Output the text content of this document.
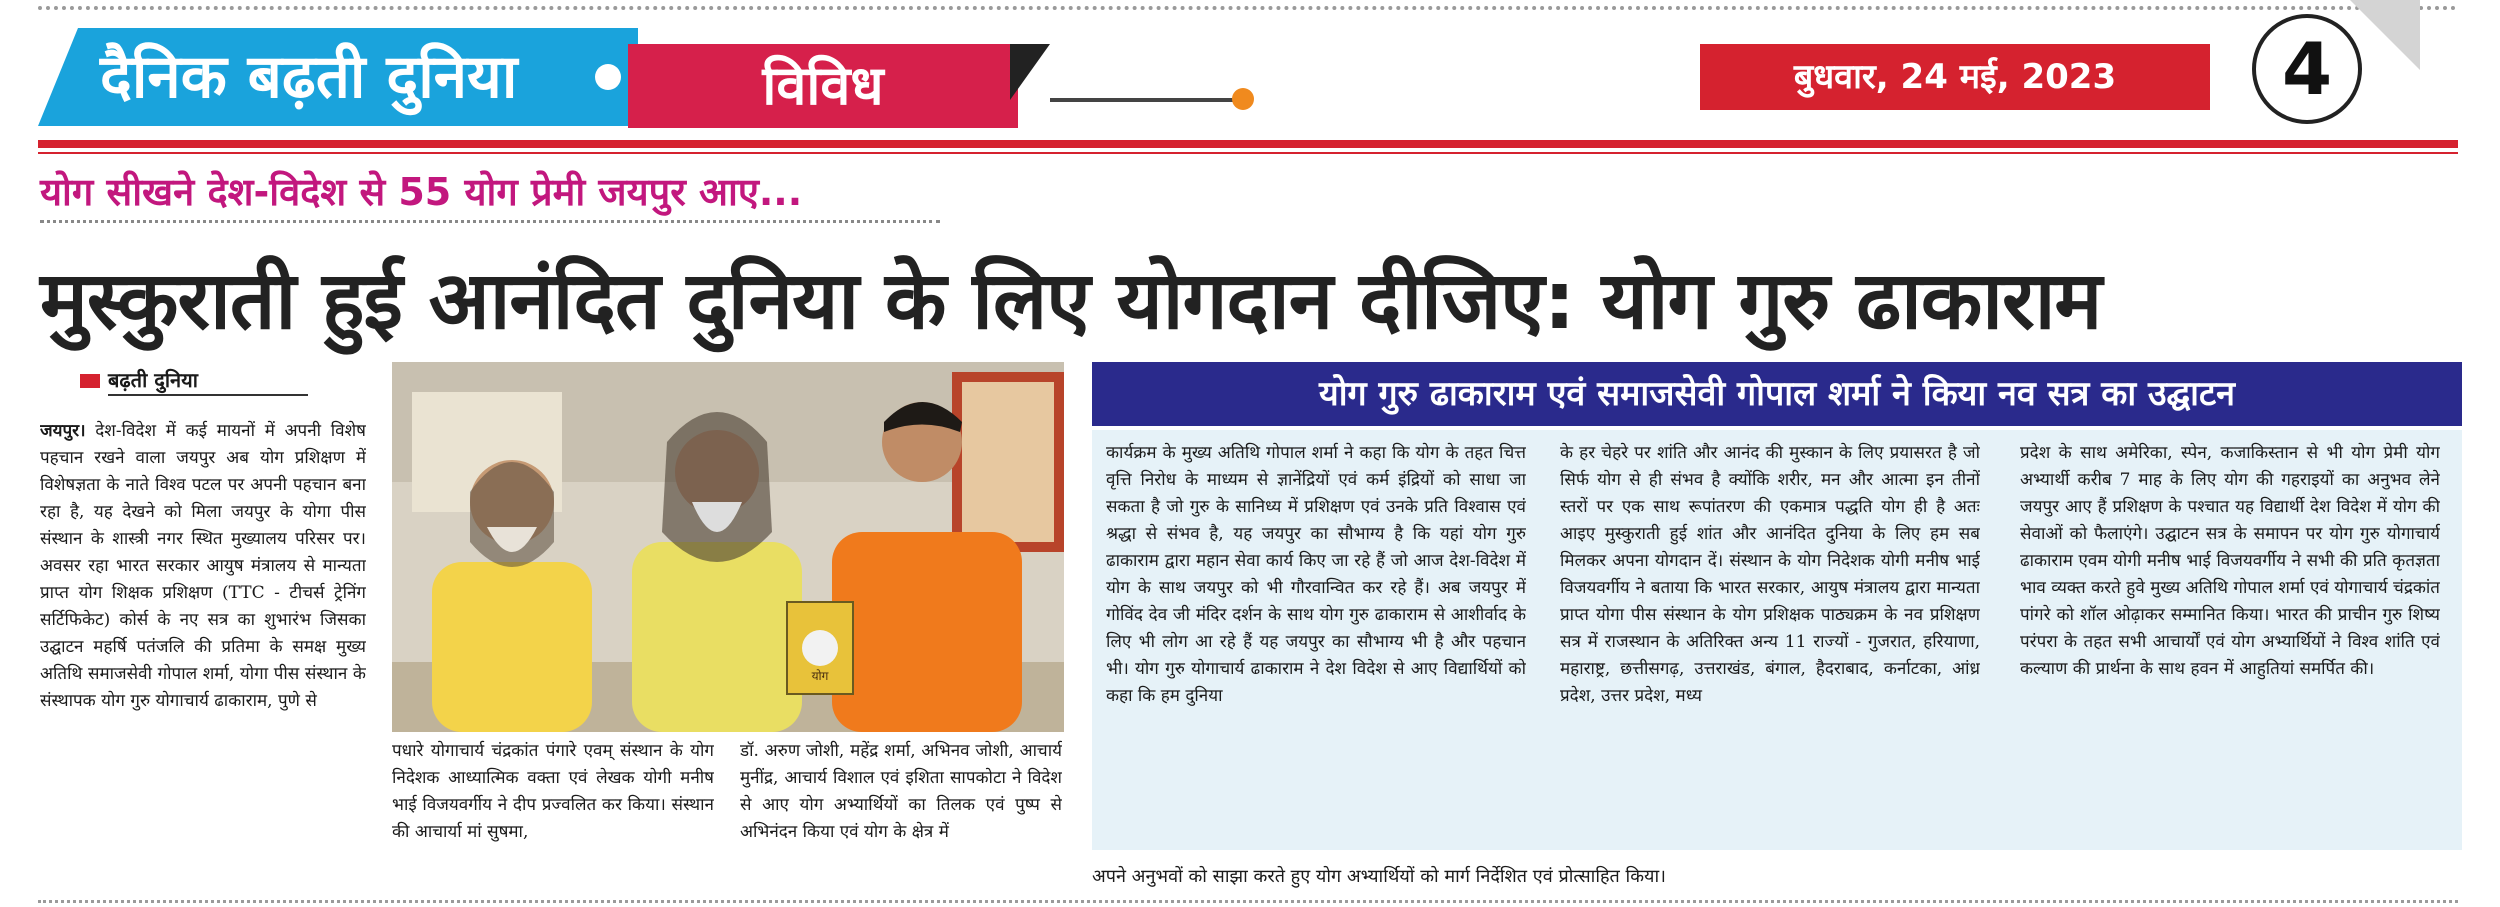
दैनिक बढ़ती दुनिया	विविध	बुधवार, 24 मई, 2023	4
योग सीखने देश-विदेश से 55 योग प्रेमी जयपुर आए...
मुस्कुराती हुई आनंदित दुनिया के लिए योगदान दीजिए: योग गुरु ढाकाराम
बढ़ती दुनिया
जयपुर। देश-विदेश में कई मायनों में अपनी विशेष पहचान रखने वाला जयपुर अब योग प्रशिक्षण में विशेषज्ञता के नाते विश्व पटल पर अपनी पहचान बना रहा है, यह देखने को मिला जयपुर के योगा पीस संस्थान के शास्त्री नगर स्थित मुख्यालय परिसर पर। अवसर रहा भारत सरकार आयुष मंत्रालय से मान्यता प्राप्त योग शिक्षक प्रशिक्षण (TTC - टीचर्स ट्रेनिंग सर्टिफिकेट) कोर्स के नए सत्र का शुभारंभ जिसका उद्घाटन महर्षि पतंजलि की प्रतिमा के समक्ष मुख्य अतिथि समाजसेवी गोपाल शर्मा, योगा पीस संस्थान के संस्थापक योग गुरु योगाचार्य ढाकाराम, पुणे से
योग
पधारे योगाचार्य चंद्रकांत पंगारे एवम् संस्थान के योग निदेशक आध्यात्मिक वक्ता एवं लेखक योगी मनीष भाई विजयवर्गीय ने दीप प्रज्वलित कर किया। संस्थान की आचार्या मां सुषमा,
डॉ. अरुण जोशी, महेंद्र शर्मा, अभिनव जोशी, आचार्य मुनींद्र, आचार्य विशाल एवं इशिता सापकोटा ने विदेश से आए योग अभ्यार्थियों का तिलक एवं पुष्प से अभिनंदन किया एवं योग के क्षेत्र में
योग गुरु ढाकाराम एवं समाजसेवी गोपाल शर्मा ने किया नव सत्र का उद्घाटन
कार्यक्रम के मुख्य अतिथि गोपाल शर्मा ने कहा कि योग के तहत चित्त वृत्ति निरोध के माध्यम से ज्ञानेंद्रियों एवं कर्म इंद्रियों को साधा जा सकता है जो गुरु के सानिध्य में प्रशिक्षण एवं उनके प्रति विश्वास एवं श्रद्धा से संभव है, यह जयपुर का सौभाग्य है कि यहां योग गुरु ढाकाराम द्वारा महान सेवा कार्य किए जा रहे हैं जो आज देश-विदेश में योग के साथ जयपुर को भी गौरवान्वित कर रहे हैं। अब जयपुर में गोविंद देव जी मंदिर दर्शन के साथ योग गुरु ढाकाराम से आशीर्वाद के लिए भी लोग आ रहे हैं यह जयपुर का सौभाग्य भी है और पहचान भी। योग गुरु योगाचार्य ढाकाराम ने देश विदेश से आए विद्यार्थियों को कहा कि हम दुनिया
के हर चेहरे पर शांति और आनंद की मुस्कान के लिए प्रयासरत है जो सिर्फ योग से ही संभव है क्योंकि शरीर, मन और आत्मा इन तीनों स्तरों पर एक साथ रूपांतरण की एकमात्र पद्धति योग ही है अतः आइए मुस्कुराती हुई शांत और आनंदित दुनिया के लिए हम सब मिलकर अपना योगदान दें। संस्थान के योग निदेशक योगी मनीष भाई विजयवर्गीय ने बताया कि भारत सरकार, आयुष मंत्रालय द्वारा मान्यता प्राप्त योगा पीस संस्थान के योग प्रशिक्षक पाठ्यक्रम के नव प्रशिक्षण सत्र में राजस्थान के अतिरिक्त अन्य 11 राज्यों - गुजरात, हरियाणा, महाराष्ट्र, छत्तीसगढ़, उत्तराखंड, बंगाल, हैदराबाद, कर्नाटका, आंध्र प्रदेश, उत्तर प्रदेश, मध्य
प्रदेश के साथ अमेरिका, स्पेन, कजाकिस्तान से भी योग प्रेमी योग अभ्यार्थी करीब 7 माह के लिए योग की गहराइयों का अनुभव लेने जयपुर आए हैं प्रशिक्षण के पश्चात यह विद्यार्थी देश विदेश में योग की सेवाओं को फैलाएंगे। उद्घाटन सत्र के समापन पर योग गुरु योगाचार्य ढाकाराम एवम योगी मनीष भाई विजयवर्गीय ने सभी की प्रति कृतज्ञता भाव व्यक्त करते हुवे मुख्य अतिथि गोपाल शर्मा एवं योगाचार्य चंद्रकांत पांगरे को शॉल ओढ़ाकर सम्मानित किया। भारत की प्राचीन गुरु शिष्य परंपरा के तहत सभी आचार्यों एवं योग अभ्यार्थियों ने विश्व शांति एवं कल्याण की प्रार्थना के साथ हवन में आहुतियां समर्पित की।
अपने अनुभवों को साझा करते हुए योग अभ्यार्थियों को मार्ग निर्देशित एवं प्रोत्साहित किया।
